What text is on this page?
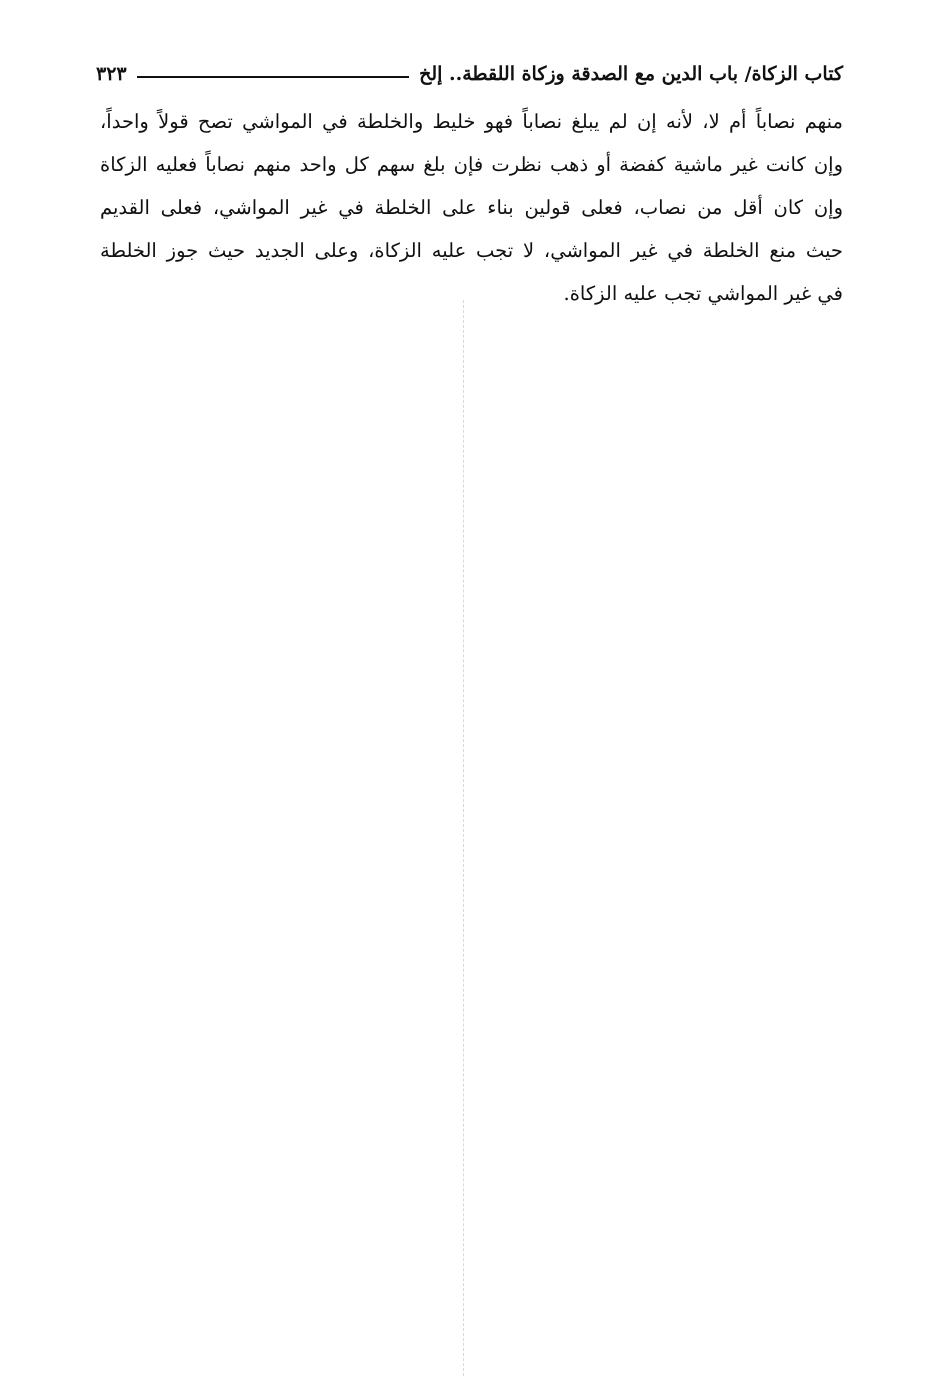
كتاب الزكاة/ باب الدين مع الصدقة وزكاة اللقطة.. إلخ
٣٢٣
منهم نصاباً أم لا، لأنه إن لم يبلغ نصاباً فهو خليط والخلطة في المواشي تصح قولاً واحداً،
وإن كانت غير ماشية كفضة أو ذهب نظرت فإن بلغ سهم كل واحد منهم نصاباً فعليه الزكاة
وإن كان أقل من نصاب، فعلى قولين بناء على الخلطة في غير المواشي، فعلى القديم
حيث منع الخلطة في غير المواشي، لا تجب عليه الزكاة، وعلى الجديد حيث جوز الخلطة
في غير المواشي تجب عليه الزكاة.
